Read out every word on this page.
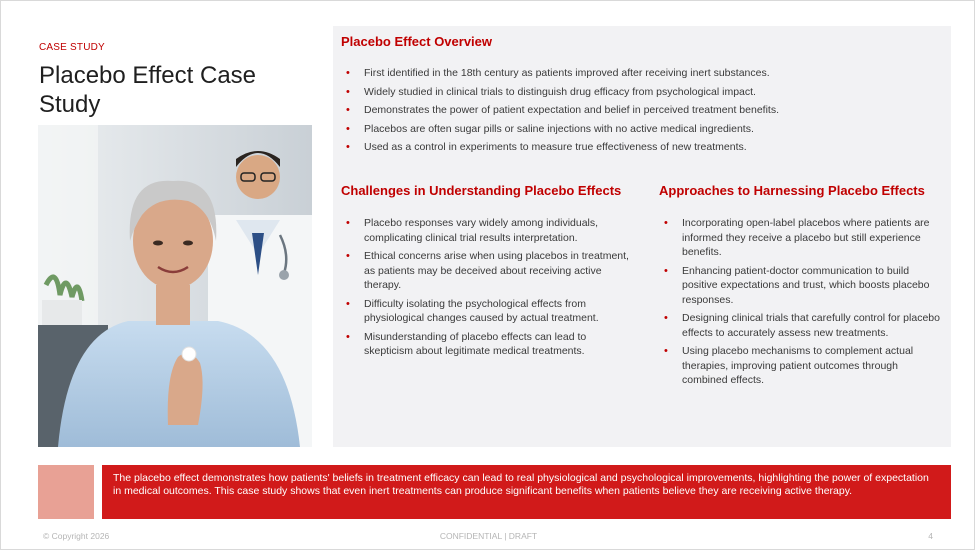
CASE STUDY
Placebo Effect Case Study
Placebo Effect Overview
• First identified in the 18th century as patients improved after receiving inert substances.
• Widely studied in clinical trials to distinguish drug efficacy from psychological impact.
• Demonstrates the power of patient expectation and belief in perceived treatment benefits.
• Placebos are often sugar pills or saline injections with no active medical ingredients.
• Used as a control in experiments to measure true effectiveness of new treatments.
Challenges in Understanding Placebo Effects
• Placebo responses vary widely among individuals, complicating clinical trial results interpretation.
• Ethical concerns arise when using placebos in treatment, as patients may be deceived about receiving active therapy.
• Difficulty isolating the psychological effects from physiological changes caused by actual treatment.
• Misunderstanding of placebo effects can lead to skepticism about legitimate medical treatments.
Approaches to Harnessing Placebo Effects
• Incorporating open-label placebos where patients are informed they receive a placebo but still experience benefits.
• Enhancing patient-doctor communication to build positive expectations and trust, which boosts placebo responses.
• Designing clinical trials that carefully control for placebo effects to accurately assess new treatments.
• Using placebo mechanisms to complement actual therapies, improving patient outcomes through combined effects.
The placebo effect demonstrates how patients' beliefs in treatment efficacy can lead to real physiological and psychological improvements, highlighting the power of expectation in medical outcomes. This case study shows that even inert treatments can produce significant benefits when patients believe they are receiving active therapy.
© Copyright 2026	CONFIDENTIAL | DRAFT	4
